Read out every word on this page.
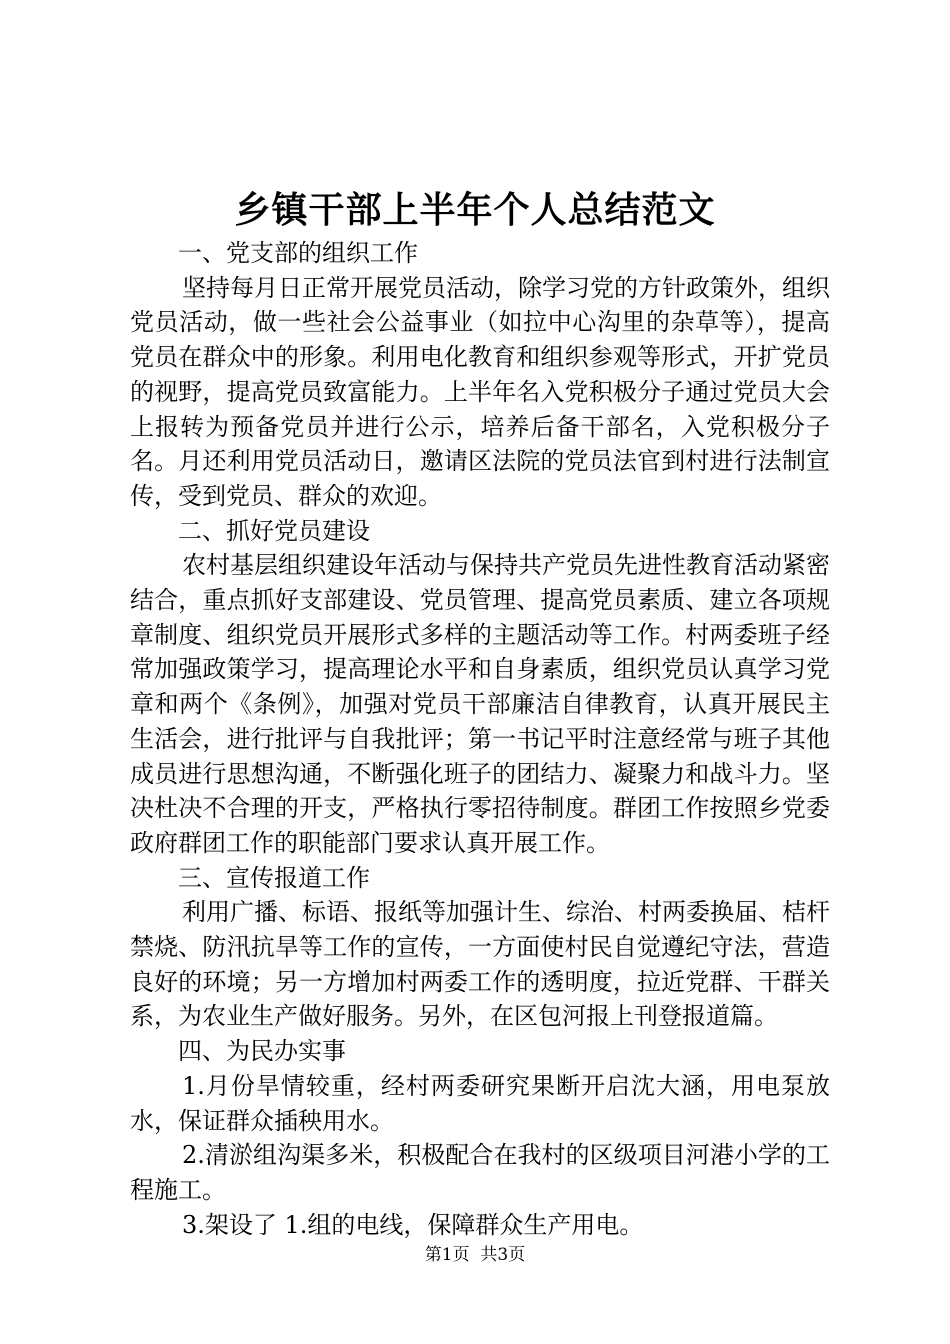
乡镇干部上半年个人总结范文

一、党支部的组织工作

坚持每月日正常开展党员活动，除学习党的方针政策外，组织党员活动，做一些社会公益事业（如拉中心沟里的杂草等），提高党员在群众中的形象。利用电化教育和组织参观等形式，开扩党员的视野，提高党员致富能力。上半年名入党积极分子通过党员大会上报转为预备党员并进行公示，培养后备干部名，入党积极分子名。月还利用党员活动日，邀请区法院的党员法官到村进行法制宣传，受到党员、群众的欢迎。

二、抓好党员建设

农村基层组织建设年活动与保持共产党员先进性教育活动紧密结合，重点抓好支部建设、党员管理、提高党员素质、建立各项规章制度、组织党员开展形式多样的主题活动等工作。村两委班子经常加强政策学习，提高理论水平和自身素质，组织党员认真学习党章和两个《条例》，加强对党员干部廉洁自律教育，认真开展民主生活会，进行批评与自我批评；第一书记平时注意经常与班子其他成员进行思想沟通，不断强化班子的团结力、凝聚力和战斗力。坚决杜决不合理的开支，严格执行零招待制度。群团工作按照乡党委政府群团工作的职能部门要求认真开展工作。

三、宣传报道工作

利用广播、标语、报纸等加强计生、综治、村两委换届、桔杆禁烧、防汛抗旱等工作的宣传，一方面使村民自觉遵纪守法，营造良好的环境；另一方增加村两委工作的透明度，拉近党群、干群关系，为农业生产做好服务。另外，在区包河报上刊登报道篇。

四、为民办实事

1.月份旱情较重，经村两委研究果断开启沈大涵，用电泵放水，保证群众插秧用水。

2.清淤组沟渠多米，积极配合在我村的区级项目河港小学的工程施工。

3.架设了 1.组的电线，保障群众生产用电。

第1页 共3页
